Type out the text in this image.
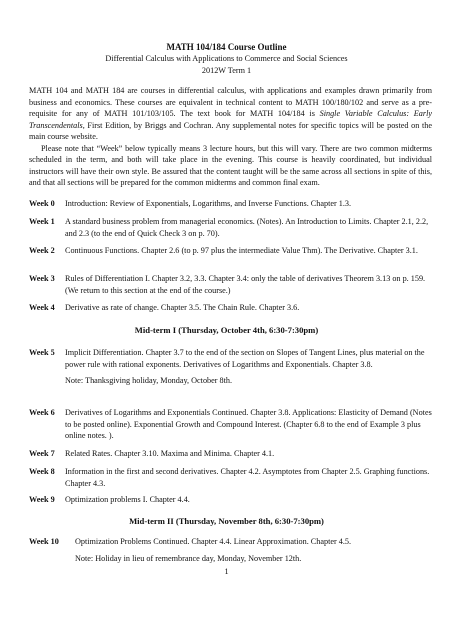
MATH 104/184 Course Outline
Differential Calculus with Applications to Commerce and Social Sciences
2012W Term 1

MATH 104 and MATH 184 are courses in differential calculus, with applications and examples drawn primarily from business and economics. These courses are equivalent in technical content to MATH 100/180/102 and serve as a pre-requisite for any of MATH 101/103/105. The text book for MATH 104/184 is Single Variable Calculus: Early Transcendentals, First Edition, by Briggs and Cochran. Any supplemental notes for specific topics will be posted on the main course website.

Please note that “Week” below typically means 3 lecture hours, but this will vary. There are two common midterms scheduled in the term, and both will take place in the evening. This course is heavily coordinated, but individual instructors will have their own style. Be assured that the content taught will be the same across all sections in spite of this, and that all sections will be prepared for the common midterms and common final exam.

Week 0	Introduction: Review of Exponentials, Logarithms, and Inverse Functions. Chapter 1.3.
Week 1	A standard business problem from managerial economics. (Notes). An Introduction to Limits. Chapter 2.1, 2.2, and 2.3 (to the end of Quick Check 3 on p. 70).
Week 2	Continuous Functions. Chapter 2.6 (to p. 97 plus the intermediate Value Thm). The Derivative. Chapter 3.1.
Week 3	Rules of Differentiation I. Chapter 3.2, 3.3. Chapter 3.4: only the table of derivatives Theorem 3.13 on p. 159. (We return to this section at the end of the course.)
Week 4	Derivative as rate of change. Chapter 3.5. The Chain Rule. Chapter 3.6.
Mid-term I (Thursday, October 4th, 6:30-7:30pm)
Week 5	Implicit Differentiation. Chapter 3.7 to the end of the section on Slopes of Tangent Lines, plus material on the power rule with rational exponents. Derivatives of Logarithms and Exponentials. Chapter 3.8.
Note: Thanksgiving holiday, Monday, October 8th.
Week 6	Derivatives of Logarithms and Exponentials Continued. Chapter 3.8. Applications: Elasticity of Demand (Notes to be posted online). Exponential Growth and Compound Interest. (Chapter 6.8 to the end of Example 3 plus online notes. ).
Week 7	Related Rates. Chapter 3.10. Maxima and Minima. Chapter 4.1.
Week 8	Information in the first and second derivatives. Chapter 4.2. Asymptotes from Chapter 2.5. Graphing functions. Chapter 4.3.
Week 9	Optimization problems I. Chapter 4.4.
Mid-term II (Thursday, November 8th, 6:30-7:30pm)
Week 10	Optimization Problems Continued. Chapter 4.4. Linear Approximation. Chapter 4.5.
Note: Holiday in lieu of remembrance day, Monday, November 12th.
1
